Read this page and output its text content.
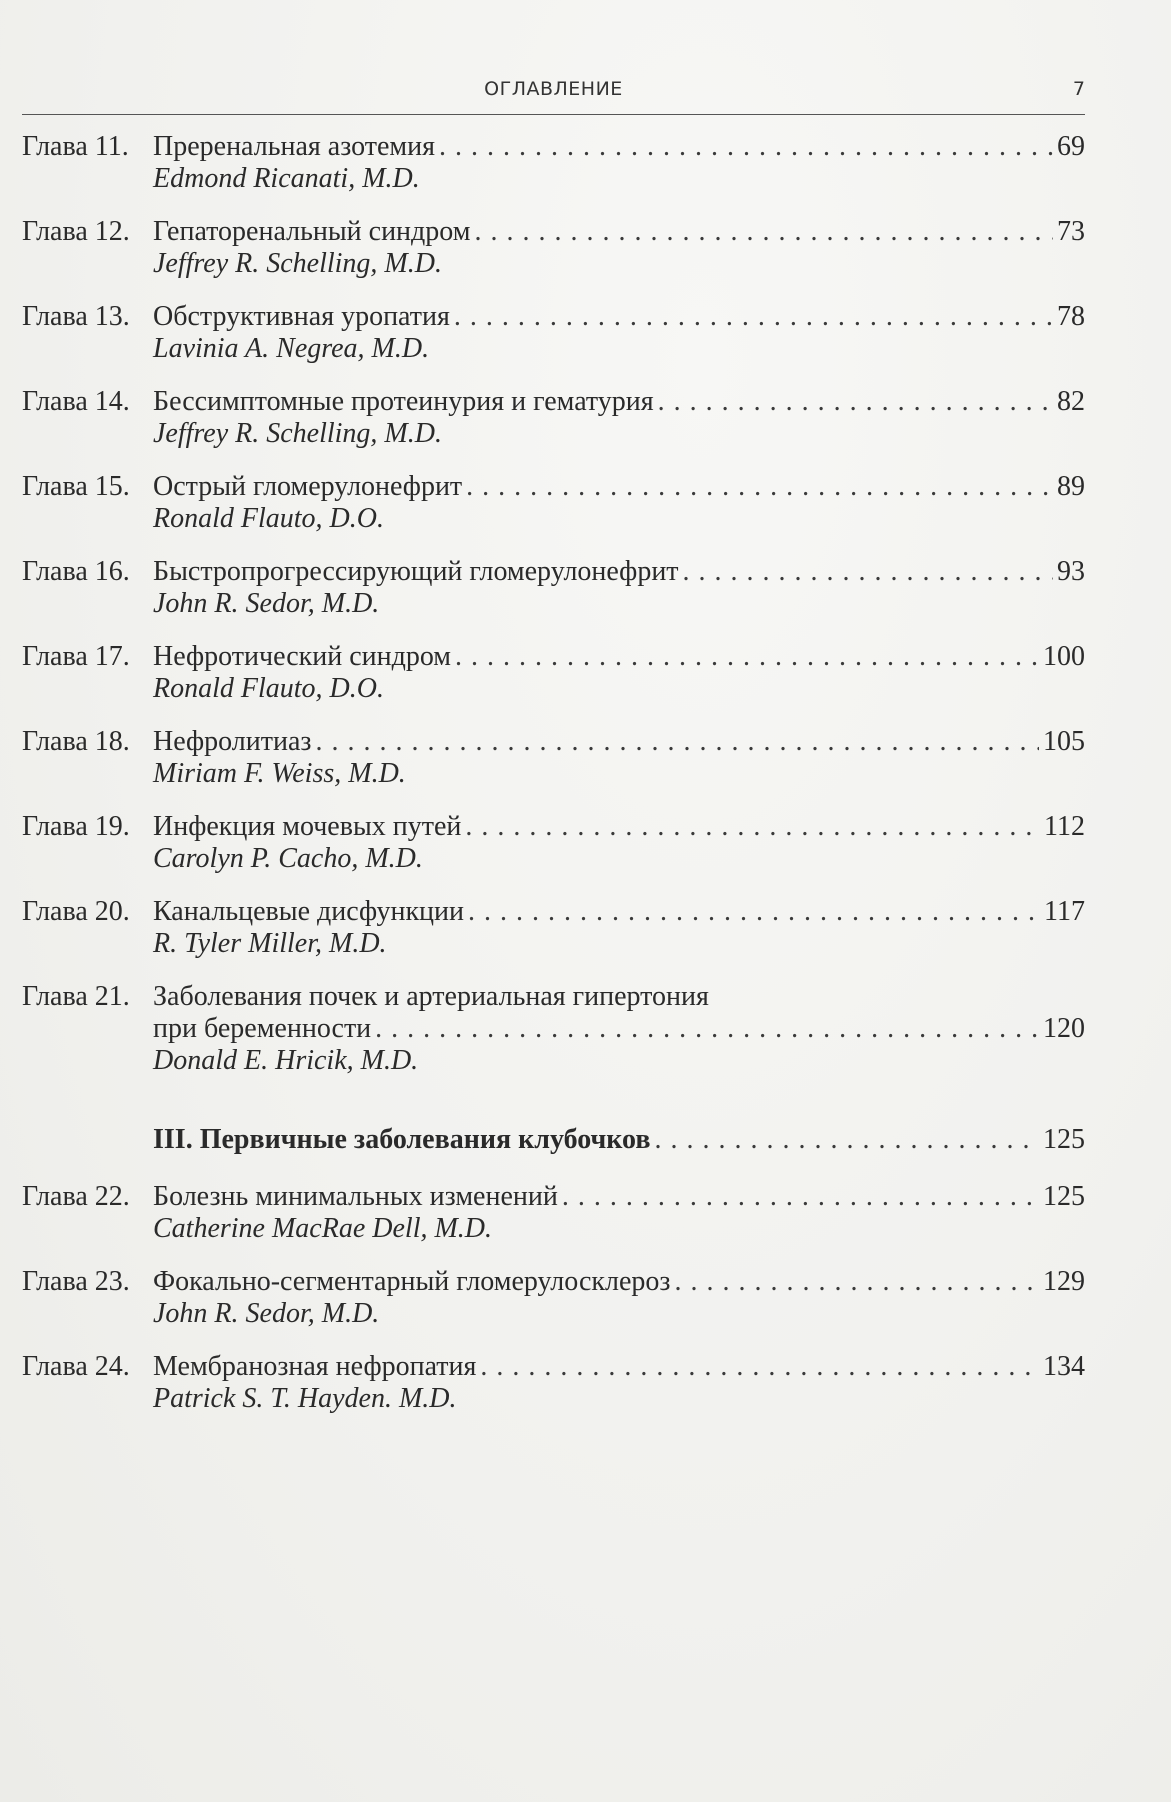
ОГЛАВЛЕНИЕ	7
Глава 11. Преренальная азотемия . . .	69
Edmond Ricanati, M.D.
Глава 12. Гепаторенальный синдром . . .	73
Jeffrey R. Schelling, M.D.
Глава 13. Обструктивная уропатия . . .	78
Lavinia A. Negrea, M.D.
Глава 14. Бессимптомные протеинурия и гематурия . . .	82
Jeffrey R. Schelling, M.D.
Глава 15. Острый гломерулонефрит . . .	89
Ronald Flauto, D.O.
Глава 16. Быстропрогрессирующий гломерулонефрит . . .	93
John R. Sedor, M.D.
Глава 17. Нефротический синдром . . .	100
Ronald Flauto, D.O.
Глава 18. Нефролитиаз . . .	105
Miriam F. Weiss, M.D.
Глава 19. Инфекция мочевых путей . . .	112
Carolyn P. Cacho, M.D.
Глава 20. Канальцевые дисфункции . . .	117
R. Tyler Miller, M.D.
Глава 21. Заболевания почек и артериальная гипертония
при беременности . . .	120
Donald E. Hricik, M.D.
III. Первичные заболевания клубочков . . .	125
Глава 22. Болезнь минимальных изменений . . .	125
Catherine MacRae Dell, M.D.
Глава 23. Фокально-сегментарный гломерулосклероз . . .	129
John R. Sedor, M.D.
Глава 24. Мембранозная нефропатия . . .	134
Patrick S. T. Hayden. M.D.
